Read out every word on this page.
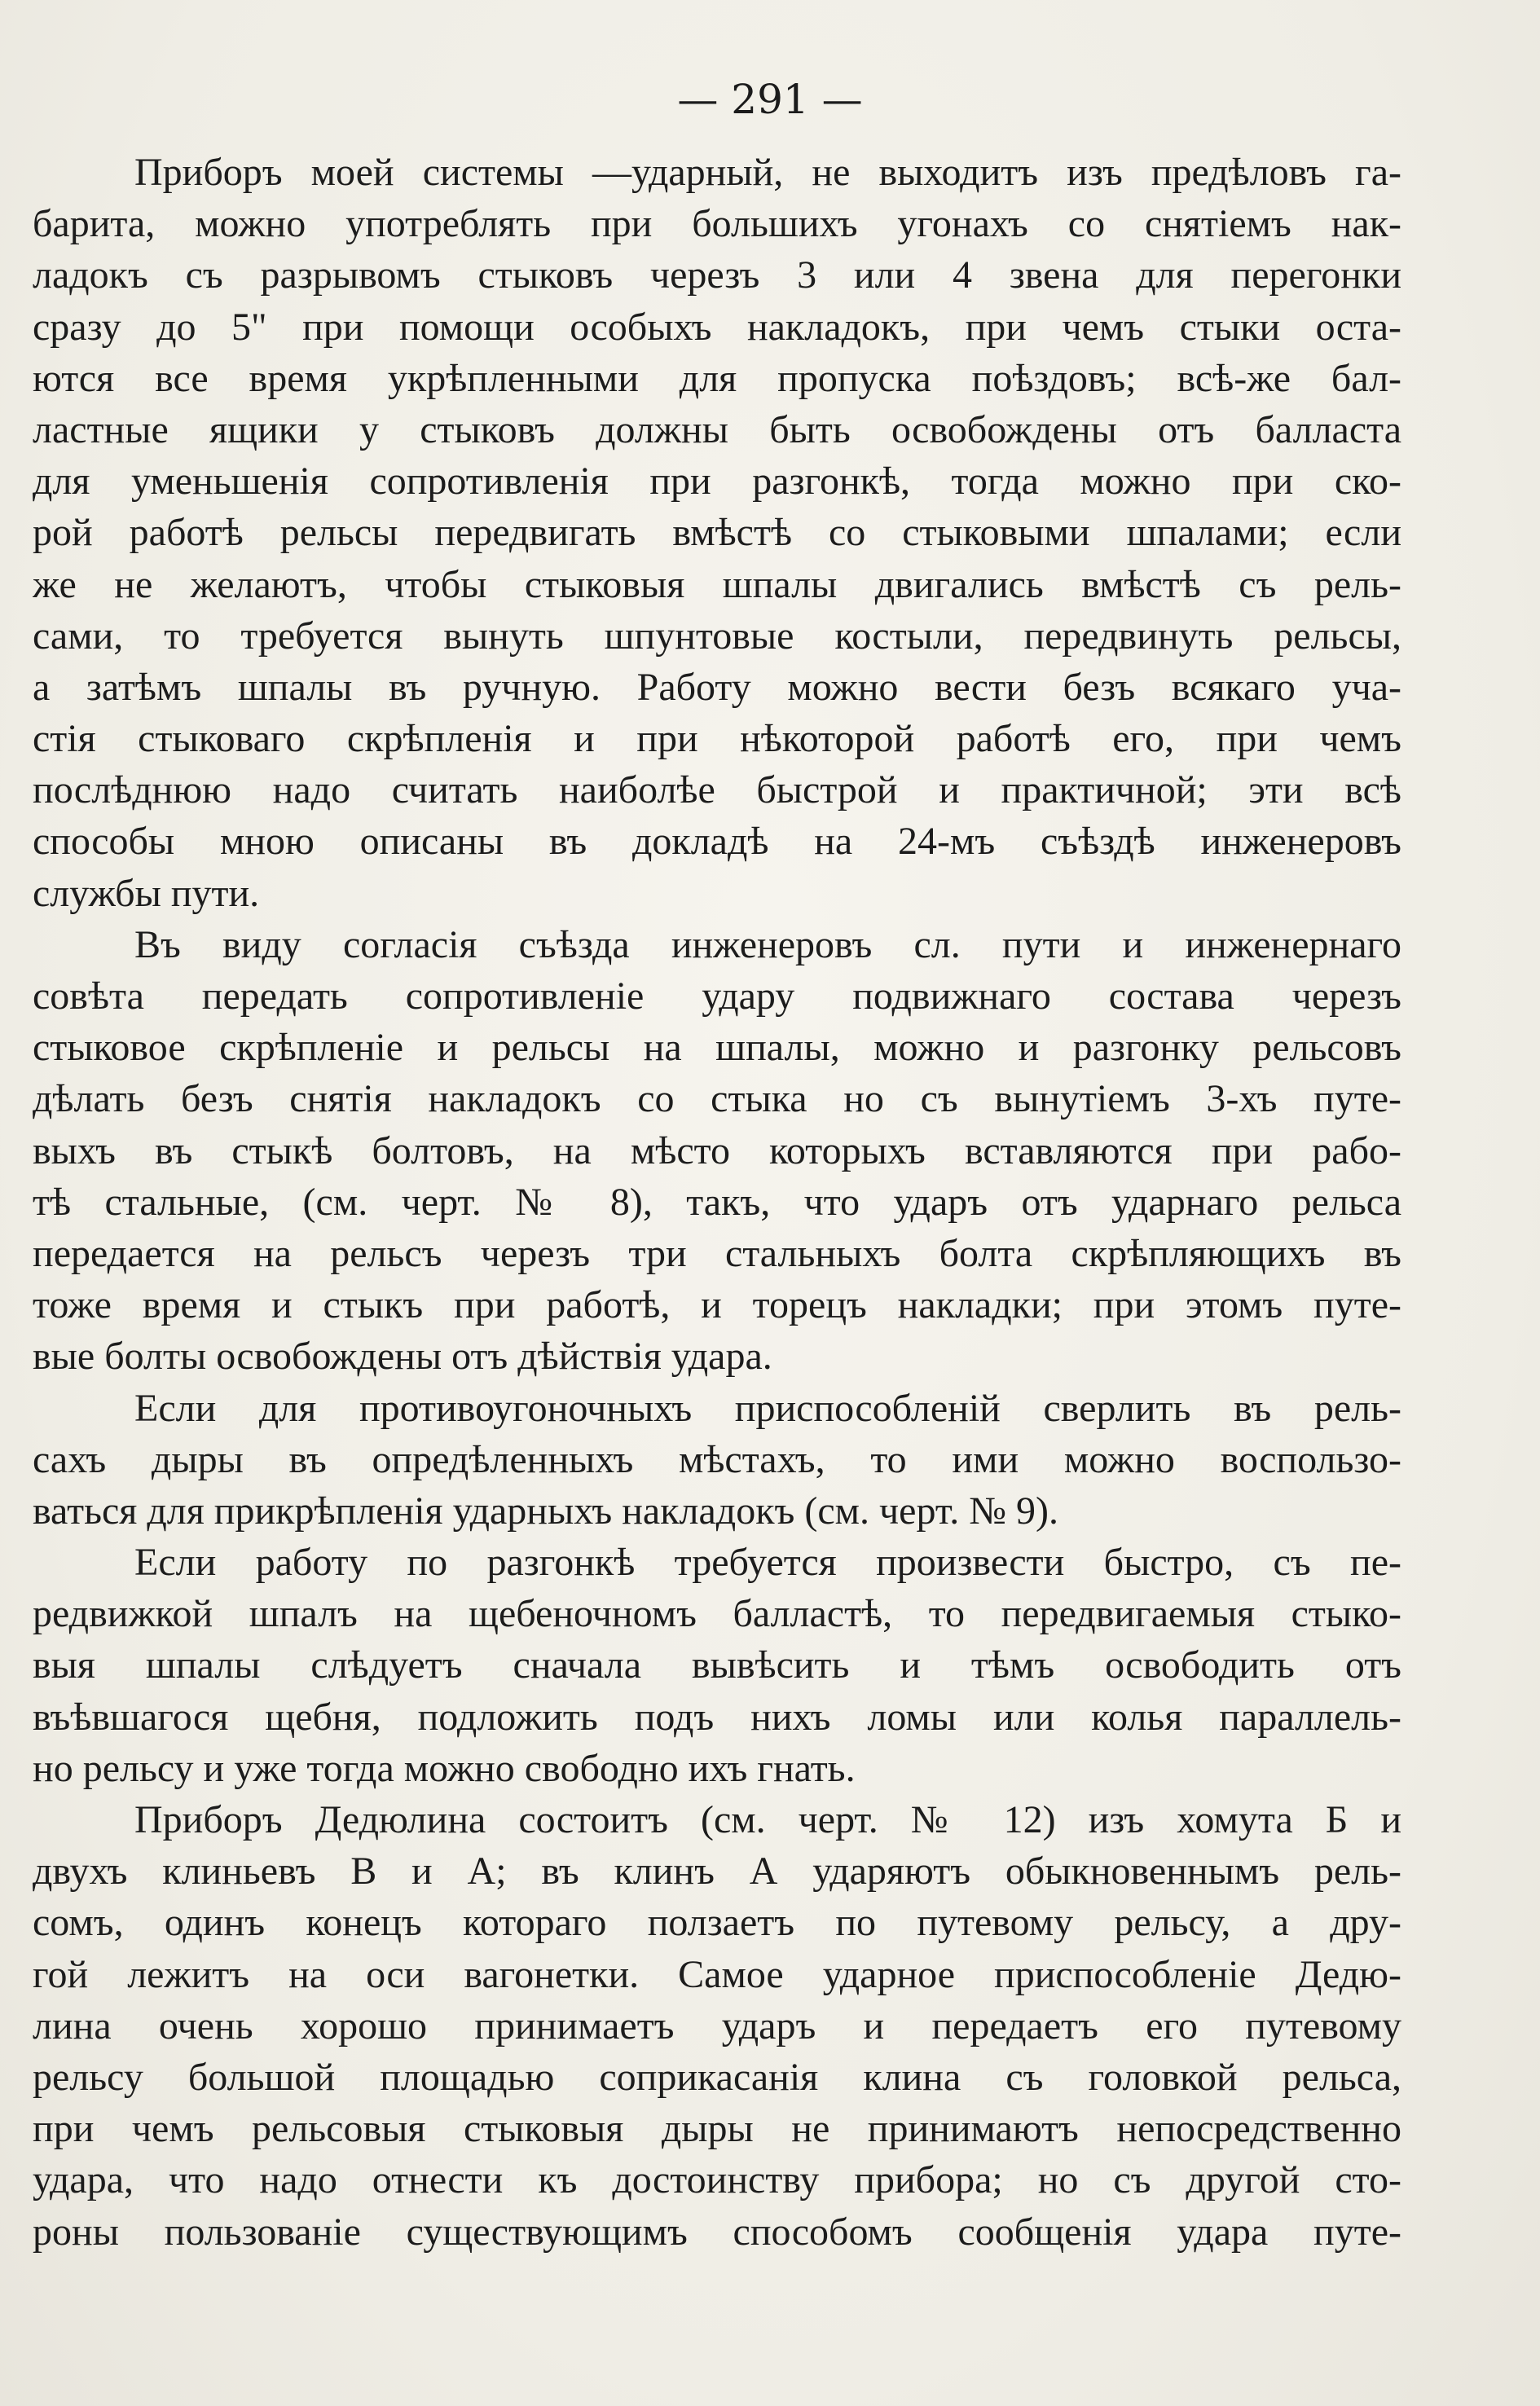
— 291 —
Приборъ моей системы —ударный, не выходитъ изъ предѣловъ га-
барита, можно употреблять при большихъ угонахъ со снятіемъ нак-
ладокъ съ разрывомъ стыковъ черезъ 3 или 4 звена для перегонки
сразу до 5" при помощи особыхъ накладокъ, при чемъ стыки оста-
ются все время укрѣпленными для пропуска поѣздовъ; всѣ-же бал-
ластные ящики у стыковъ должны быть освобождены отъ балласта
для уменьшенія сопротивленія при разгонкѣ, тогда можно при ско-
рой работѣ рельсы передвигать вмѣстѣ со стыковыми шпалами; если
же не желаютъ, чтобы стыковыя шпалы двигались вмѣстѣ съ рель-
сами, то требуется вынуть шпунтовые костыли, передвинуть рельсы,
а затѣмъ шпалы въ ручную. Работу можно вести безъ всякаго уча-
стія стыковаго скрѣпленія и при нѣкоторой работѣ его, при чемъ
послѣднюю надо считать наиболѣе быстрой и практичной; эти всѣ
способы мною описаны въ докладѣ на 24-мъ съѣздѣ инженеровъ
службы пути.
Въ виду согласія съѣзда инженеровъ сл. пути и инженернаго
совѣта передать сопротивленіе удару подвижнаго состава черезъ
стыковое скрѣпленіе и рельсы на шпалы, можно и разгонку рельсовъ
дѣлать безъ снятія накладокъ со стыка но съ вынутіемъ 3-хъ путе-
выхъ въ стыкѣ болтовъ, на мѣсто которыхъ вставляются при рабо-
тѣ стальные, (см. черт. № 8), такъ, что ударъ отъ ударнаго рельса
передается на рельсъ черезъ три стальныхъ болта скрѣпляющихъ въ
тоже время и стыкъ при работѣ, и торецъ накладки; при этомъ путе-
вые болты освобождены отъ дѣйствія удара.
Если для противоугоночныхъ приспособленій сверлить въ рель-
сахъ дыры въ опредѣленныхъ мѣстахъ, то ими можно воспользо-
ваться для прикрѣпленія ударныхъ накладокъ (см. черт. № 9).
Если работу по разгонкѣ требуется произвести быстро, съ пе-
редвижкой шпалъ на щебеночномъ балластѣ, то передвигаемыя стыко-
выя шпалы слѣдуетъ сначала вывѣсить и тѣмъ освободить отъ
въѣвшагося щебня, подложить подъ нихъ ломы или колья параллель-
но рельсу и уже тогда можно свободно ихъ гнать.
Приборъ Дедюлина состоитъ (см. черт. № 12) изъ хомута Б и
двухъ клиньевъ В и А; въ клинъ А ударяютъ обыкновеннымъ рель-
сомъ, одинъ конецъ котораго ползаетъ по путевому рельсу, а дру-
гой лежитъ на оси вагонетки. Самое ударное приспособленіе Дедю-
лина очень хорошо принимаетъ ударъ и передаетъ его путевому
рельсу большой площадью соприкасанія клина съ головкой рельса,
при чемъ рельсовыя стыковыя дыры не принимаютъ непосредственно
удара, что надо отнести къ достоинству прибора; но съ другой сто-
роны пользованіе существующимъ способомъ сообщенія удара путе-
